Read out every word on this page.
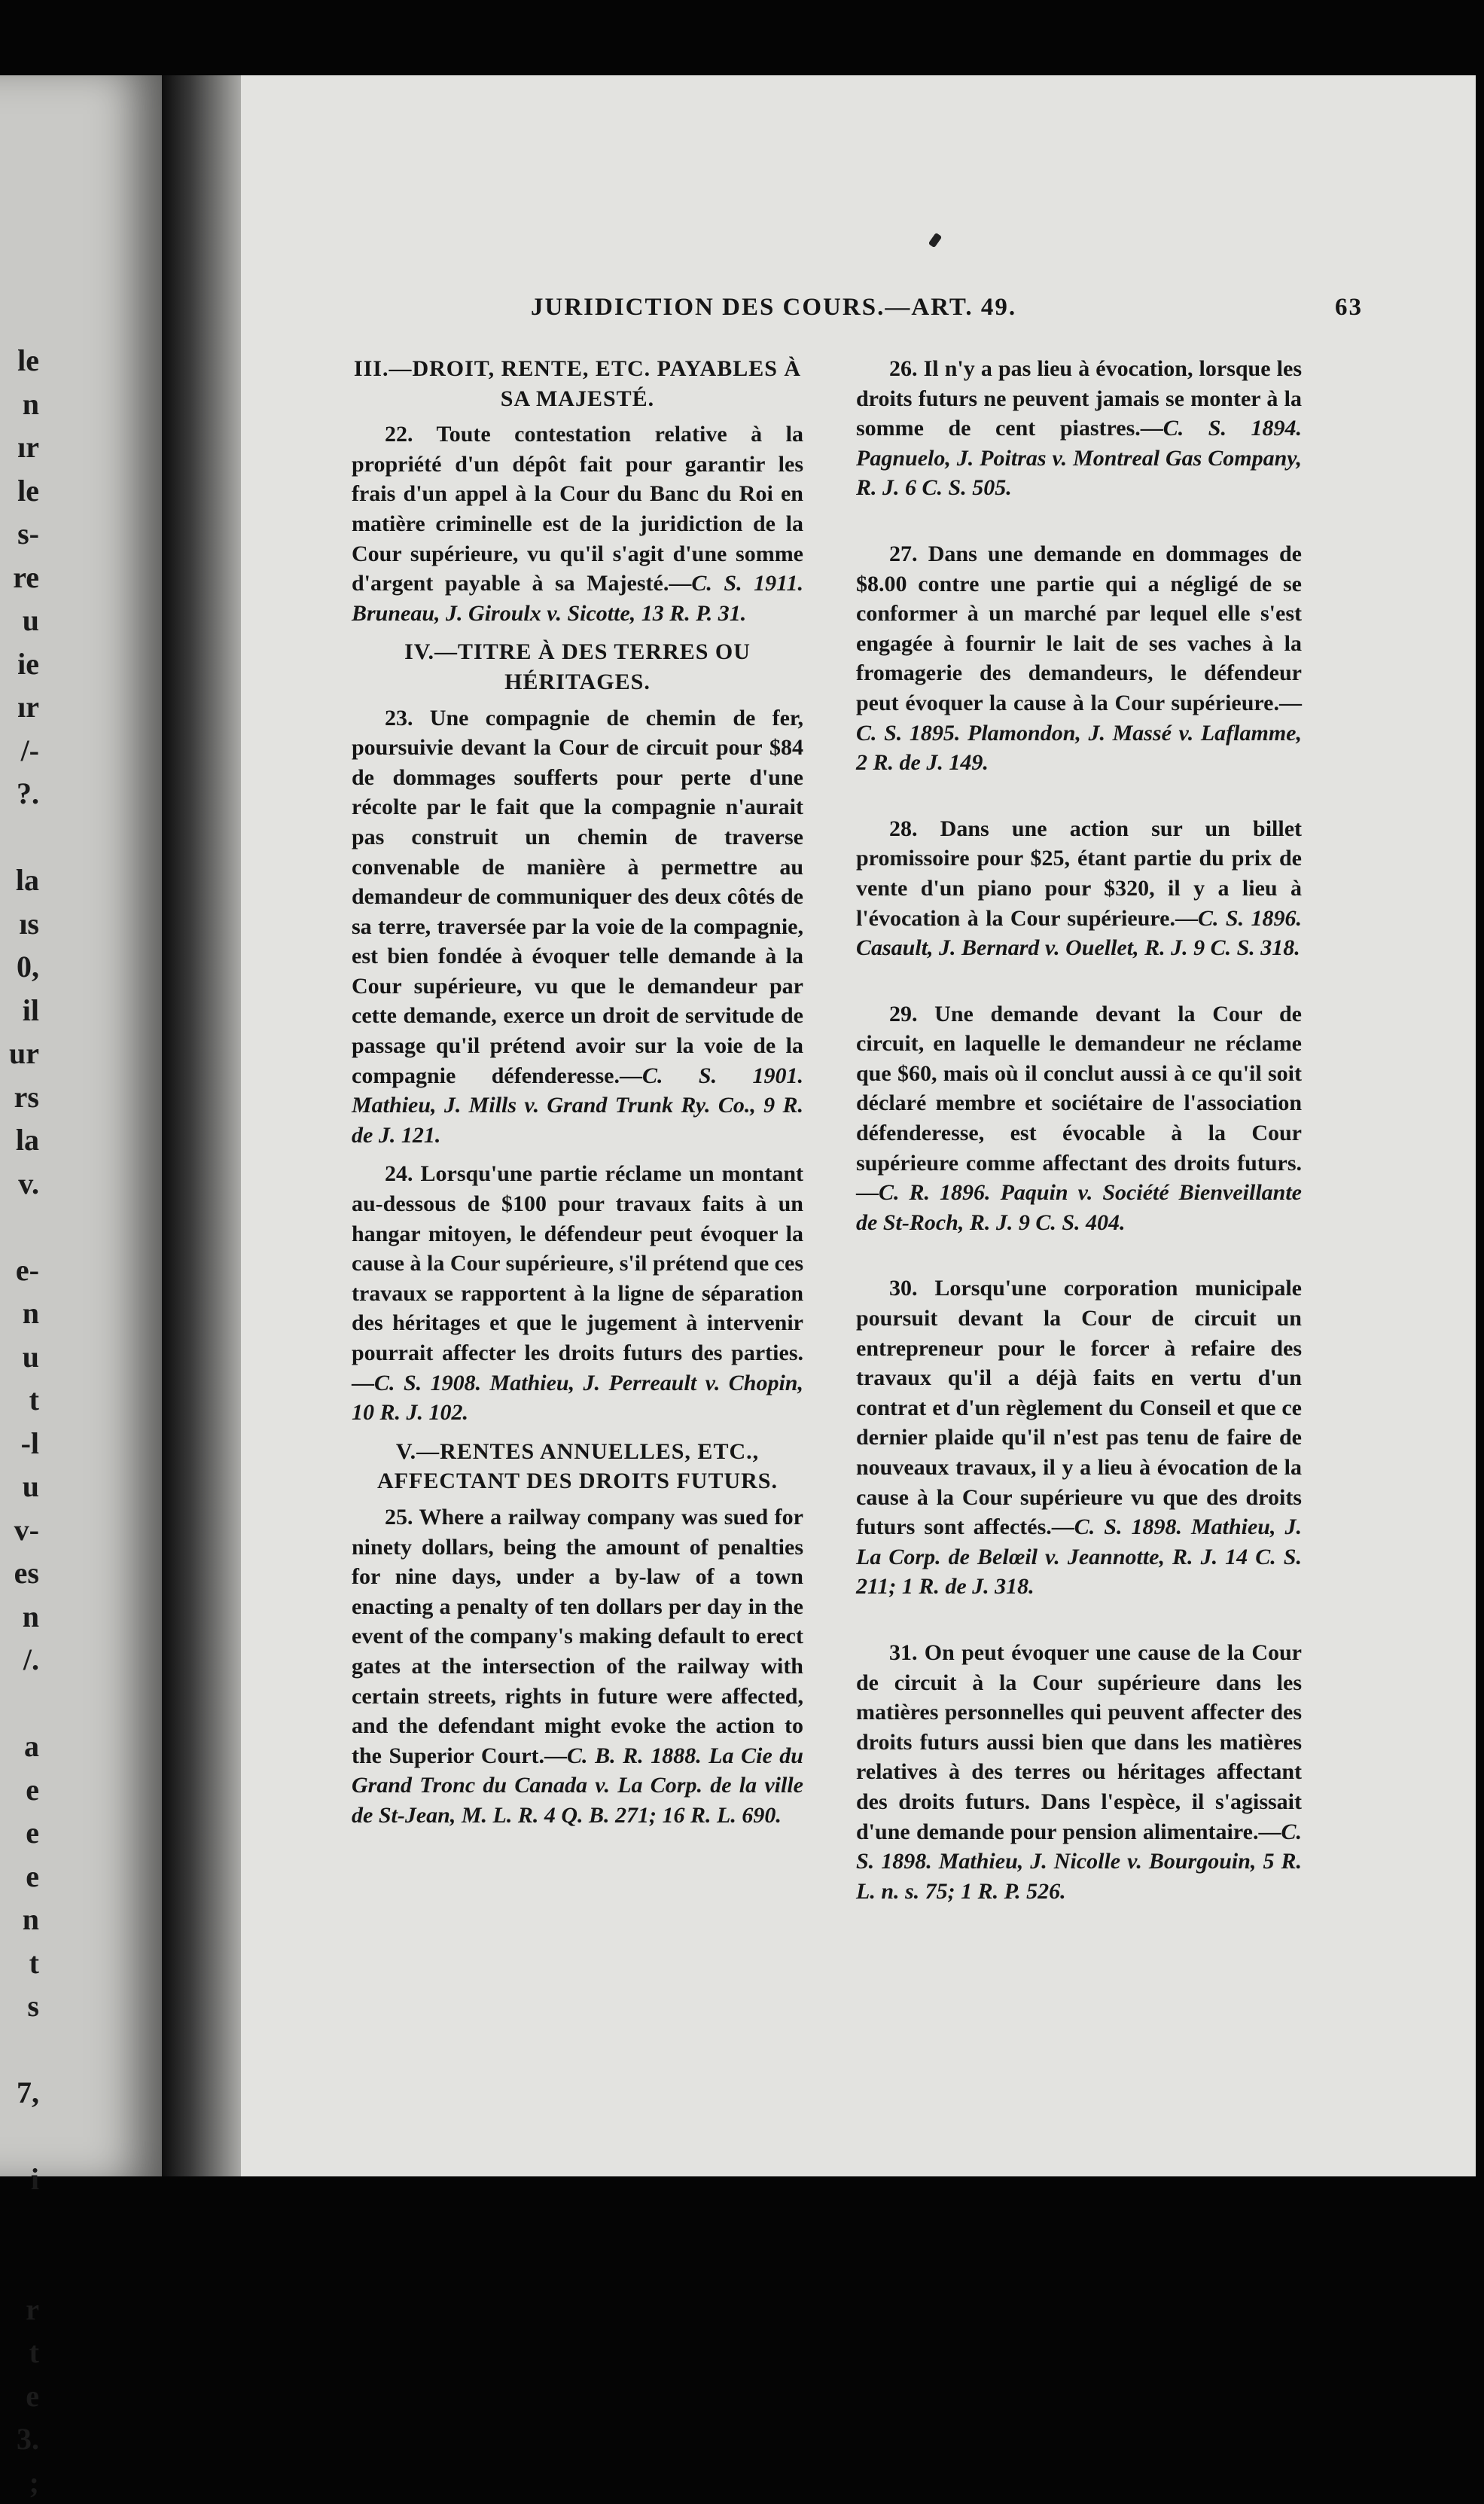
le
n
ır
le
s-
re
u
ie
ır
/-
?.
la
ıs
0,
il
ur
rs
la
v.
e-
n
u
t
-l
u
v-
es
n
/.
a
e
e
e
n
t
s
7,
i
r
t
e
3.
;
JURIDICTION DES COURS.—ART. 49.	63
III.—DROIT, RENTE, ETC. PAYABLES À SA MAJESTÉ.

22. Toute contestation relative à la propriété d'un dépôt fait pour garantir les frais d'un appel à la Cour du Banc du Roi en matière criminelle est de la juridiction de la Cour supérieure, vu qu'il s'agit d'une somme d'argent payable à sa Majesté.—C. S. 1911. Bruneau, J. Giroulx v. Sicotte, 13 R. P. 31.

IV.—TITRE À DES TERRES OU HÉRITAGES.

23. Une compagnie de chemin de fer, poursuivie devant la Cour de circuit pour $84 de dommages soufferts pour perte d'une récolte par le fait que la compagnie n'aurait pas construit un chemin de traverse convenable de manière à permettre au demandeur de communiquer des deux côtés de sa terre, traversée par la voie de la compagnie, est bien fondée à évoquer telle demande à la Cour supérieure, vu que le demandeur par cette demande, exerce un droit de servitude de passage qu'il prétend avoir sur la voie de la compagnie défenderesse.—C. S. 1901. Mathieu, J. Mills v. Grand Trunk Ry. Co., 9 R. de J. 121.

24. Lorsqu'une partie réclame un montant au-dessous de $100 pour travaux faits à un hangar mitoyen, le défendeur peut évoquer la cause à la Cour supérieure, s'il prétend que ces travaux se rapportent à la ligne de séparation des héritages et que le jugement à intervenir pourrait affecter les droits futurs des parties.—C. S. 1908. Mathieu, J. Perreault v. Chopin, 10 R. J. 102.

V.—RENTES ANNUELLES, ETC., AFFECTANT DES DROITS FUTURS.

25. Where a railway company was sued for ninety dollars, being the amount of penalties for nine days, under a by-law of a town enacting a penalty of ten dollars per day in the event of the company's making default to erect gates at the intersection of the railway with certain streets, rights in future were affected, and the defendant might evoke the action to the Superior Court.—C. B. R. 1888. La Cie du Grand Tronc du Canada v. La Corp. de la ville de St-Jean, M. L. R. 4 Q. B. 271; 16 R. L. 690.

26. Il n'y a pas lieu à évocation, lorsque les droits futurs ne peuvent jamais se monter à la somme de cent piastres.—C. S. 1894. Pagnuelo, J. Poitras v. Montreal Gas Company, R. J. 6 C. S. 505.

27. Dans une demande en dommages de $8.00 contre une partie qui a négligé de se conformer à un marché par lequel elle s'est engagée à fournir le lait de ses vaches à la fromagerie des demandeurs, le défendeur peut évoquer la cause à la Cour supérieure.—C. S. 1895. Plamondon, J. Massé v. Laflamme, 2 R. de J. 149.

28. Dans une action sur un billet promissoire pour $25, étant partie du prix de vente d'un piano pour $320, il y a lieu à l'évocation à la Cour supérieure.—C. S. 1896. Casault, J. Bernard v. Ouellet, R. J. 9 C. S. 318.

29. Une demande devant la Cour de circuit, en laquelle le demandeur ne réclame que $60, mais où il conclut aussi à ce qu'il soit déclaré membre et sociétaire de l'association défenderesse, est évocable à la Cour supérieure comme affectant des droits futurs.—C. R. 1896. Paquin v. Société Bienveillante de St-Roch, R. J. 9 C. S. 404.

30. Lorsqu'une corporation municipale poursuit devant la Cour de circuit un entrepreneur pour le forcer à refaire des travaux qu'il a déjà faits en vertu d'un contrat et d'un règlement du Conseil et que ce dernier plaide qu'il n'est pas tenu de faire de nouveaux travaux, il y a lieu à évocation de la cause à la Cour supérieure vu que des droits futurs sont affectés.—C. S. 1898. Mathieu, J. La Corp. de Belœil v. Jeannotte, R. J. 14 C. S. 211; 1 R. de J. 318.

31. On peut évoquer une cause de la Cour de circuit à la Cour supérieure dans les matières personnelles qui peuvent affecter des droits futurs aussi bien que dans les matières relatives à des terres ou héritages affectant des droits futurs. Dans l'espèce, il s'agissait d'une demande pour pension alimentaire.—C. S. 1898. Mathieu, J. Nicolle v. Bourgouin, 5 R. L. n. s. 75; 1 R. P. 526.
